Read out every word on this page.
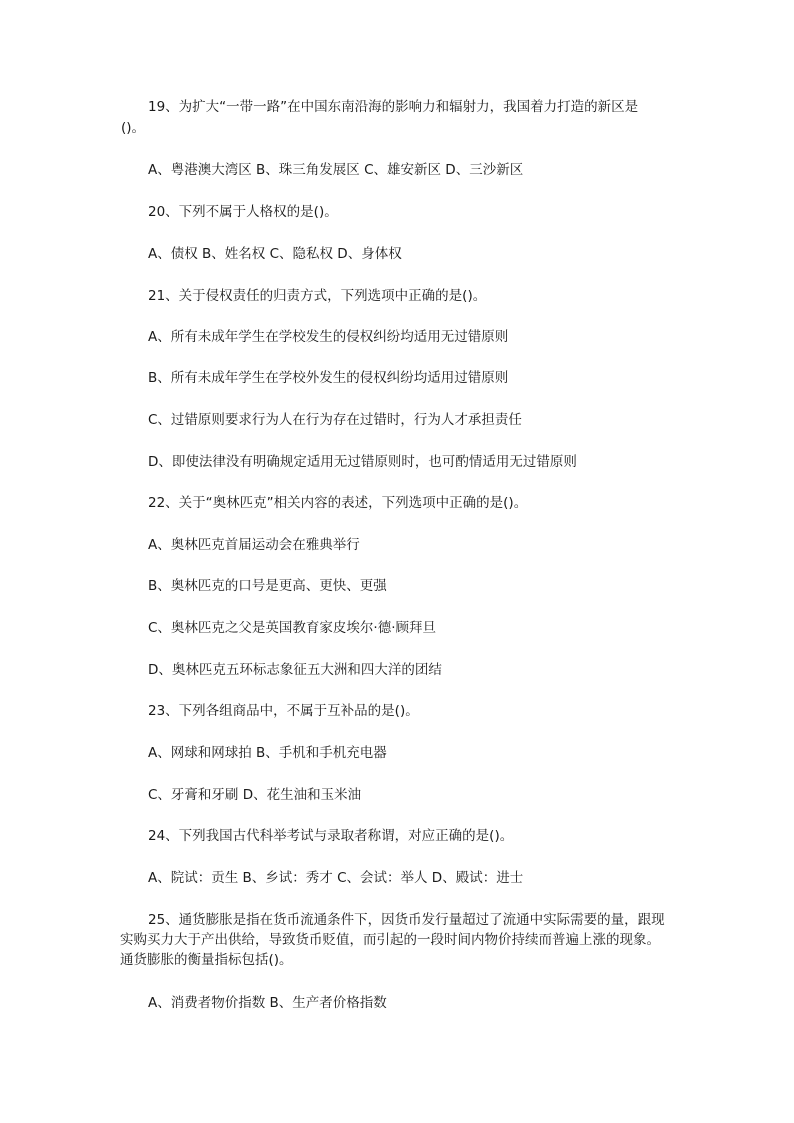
19、为扩大“一带一路”在中国东南沿海的影响力和辐射力，我国着力打造的新区是
()。
A、粤港澳大湾区 B、珠三角发展区 C、雄安新区 D、三沙新区
20、下列不属于人格权的是()。
A、债权 B、姓名权 C、隐私权 D、身体权
21、关于侵权责任的归责方式，下列选项中正确的是()。
A、所有未成年学生在学校发生的侵权纠纷均适用无过错原则
B、所有未成年学生在学校外发生的侵权纠纷均适用过错原则
C、过错原则要求行为人在行为存在过错时，行为人才承担责任
D、即使法律没有明确规定适用无过错原则时，也可酌情适用无过错原则
22、关于“奥林匹克”相关内容的表述，下列选项中正确的是()。
A、奥林匹克首届运动会在雅典举行
B、奥林匹克的口号是更高、更快、更强
C、奥林匹克之父是英国教育家皮埃尔·德·顾拜旦
D、奥林匹克五环标志象征五大洲和四大洋的团结
23、下列各组商品中，不属于互补品的是()。
A、网球和网球拍 B、手机和手机充电器
C、牙膏和牙刷 D、花生油和玉米油
24、下列我国古代科举考试与录取者称谓，对应正确的是()。
A、院试：贡生 B、乡试：秀才 C、会试：举人 D、殿试：进士
25、通货膨胀是指在货币流通条件下，因货币发行量超过了流通中实际需要的量，跟现实购买力大于产出供给，导致货币贬值，而引起的一段时间内物价持续而普遍上涨的现象。通货膨胀的衡量指标包括()。
A、消费者物价指数 B、生产者价格指数
